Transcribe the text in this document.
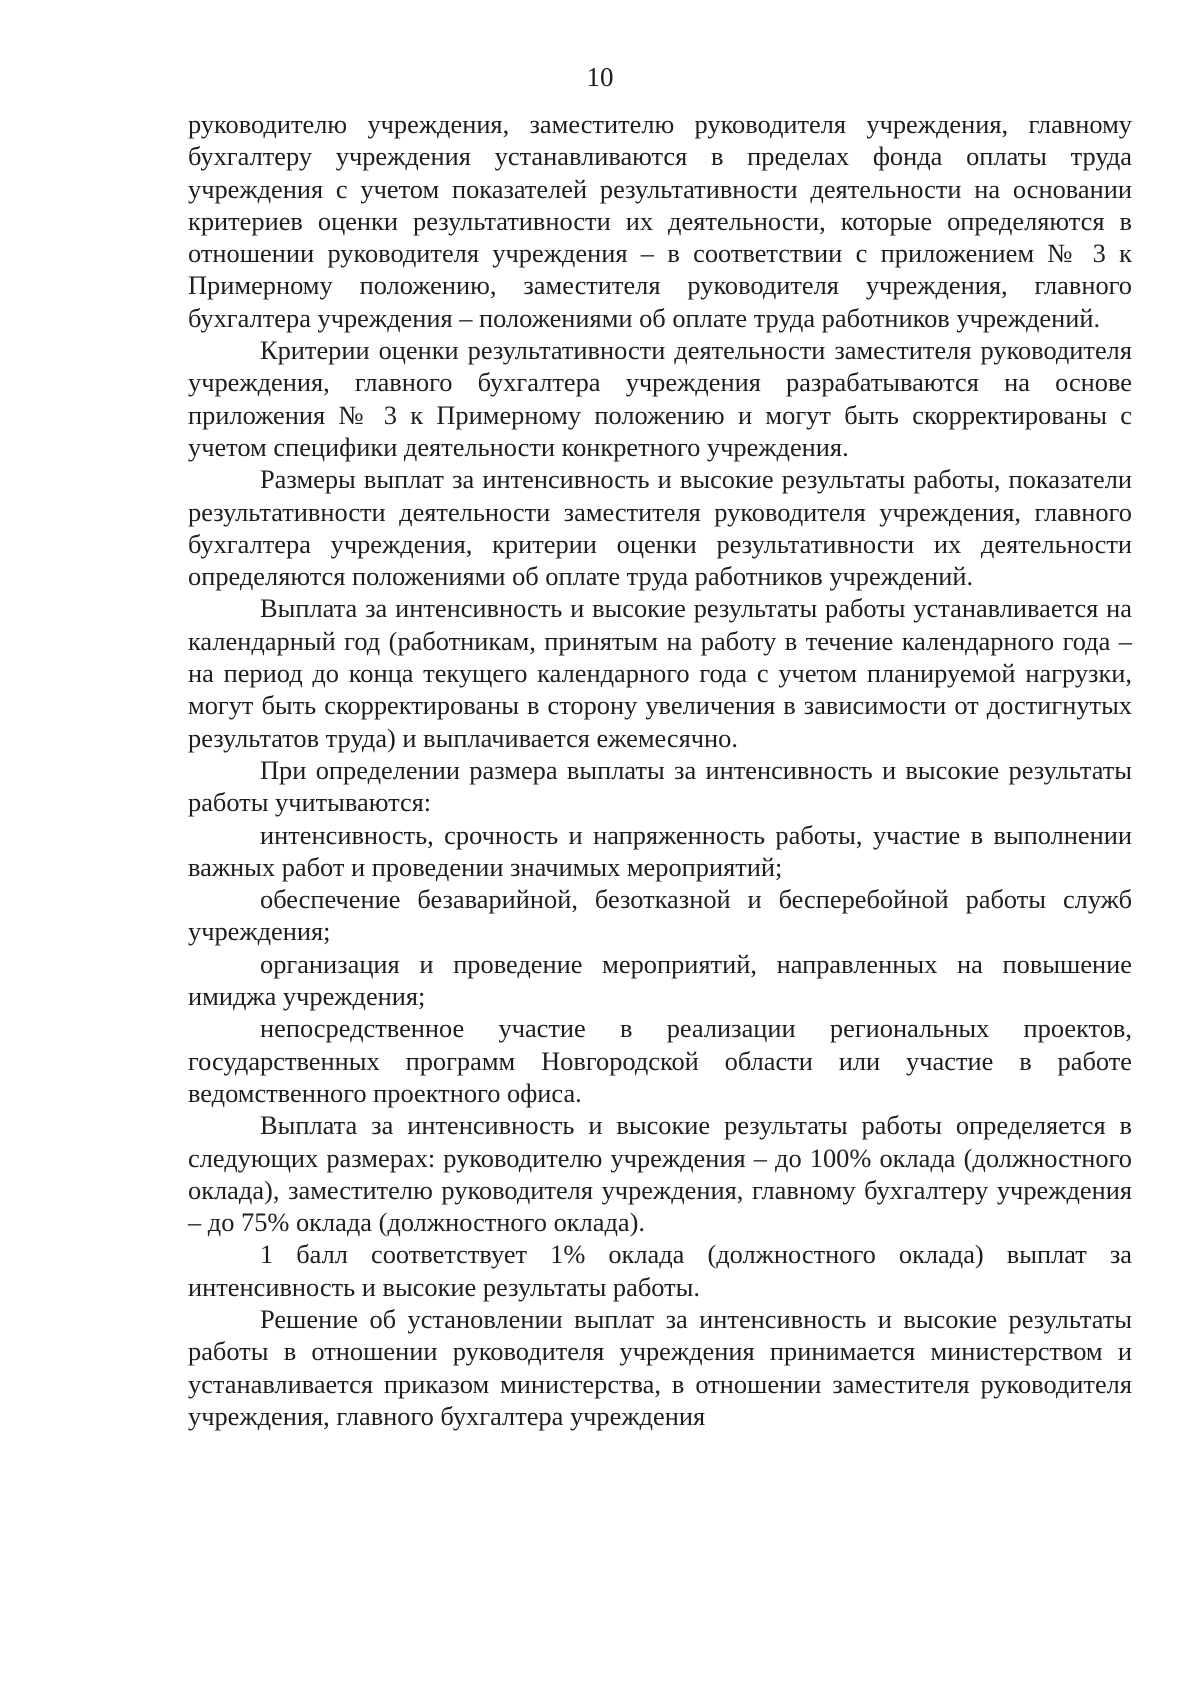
10

руководителю учреждения, заместителю руководителя учреждения, главному бухгалтеру учреждения устанавливаются в пределах фонда оплаты труда учреждения с учетом показателей результативности деятельности на основании критериев оценки результативности их деятельности, которые определяются в отношении руководителя учреждения – в соответствии с приложением № 3 к Примерному положению, заместителя руководителя учреждения, главного бухгалтера учреждения – положениями об оплате труда работников учреждений.

Критерии оценки результативности деятельности заместителя руководителя учреждения, главного бухгалтера учреждения разрабатываются на основе приложения № 3 к Примерному положению и могут быть скорректированы с учетом специфики деятельности конкретного учреждения.

Размеры выплат за интенсивность и высокие результаты работы, показатели результативности деятельности заместителя руководителя учреждения, главного бухгалтера учреждения, критерии оценки результативности их деятельности определяются положениями об оплате труда работников учреждений.

Выплата за интенсивность и высокие результаты работы устанавливается на календарный год (работникам, принятым на работу в течение календарного года – на период до конца текущего календарного года с учетом планируемой нагрузки, могут быть скорректированы в сторону увеличения в зависимости от достигнутых результатов труда) и выплачивается ежемесячно.

При определении размера выплаты за интенсивность и высокие результаты работы учитываются:

интенсивность, срочность и напряженность работы, участие в выполнении важных работ и проведении значимых мероприятий;

обеспечение безаварийной, безотказной и бесперебойной работы служб учреждения;

организация и проведение мероприятий, направленных на повышение имиджа учреждения;

непосредственное участие в реализации региональных проектов, государственных программ Новгородской области или участие в работе ведомственного проектного офиса.

Выплата за интенсивность и высокие результаты работы определяется в следующих размерах: руководителю учреждения – до 100% оклада (должностного оклада), заместителю руководителя учреждения, главному бухгалтеру учреждения – до 75% оклада (должностного оклада).

1 балл соответствует 1% оклада (должностного оклада) выплат за интенсивность и высокие результаты работы.

Решение об установлении выплат за интенсивность и высокие результаты работы в отношении руководителя учреждения принимается министерством и устанавливается приказом министерства, в отношении заместителя руководителя учреждения, главного бухгалтера учреждения
